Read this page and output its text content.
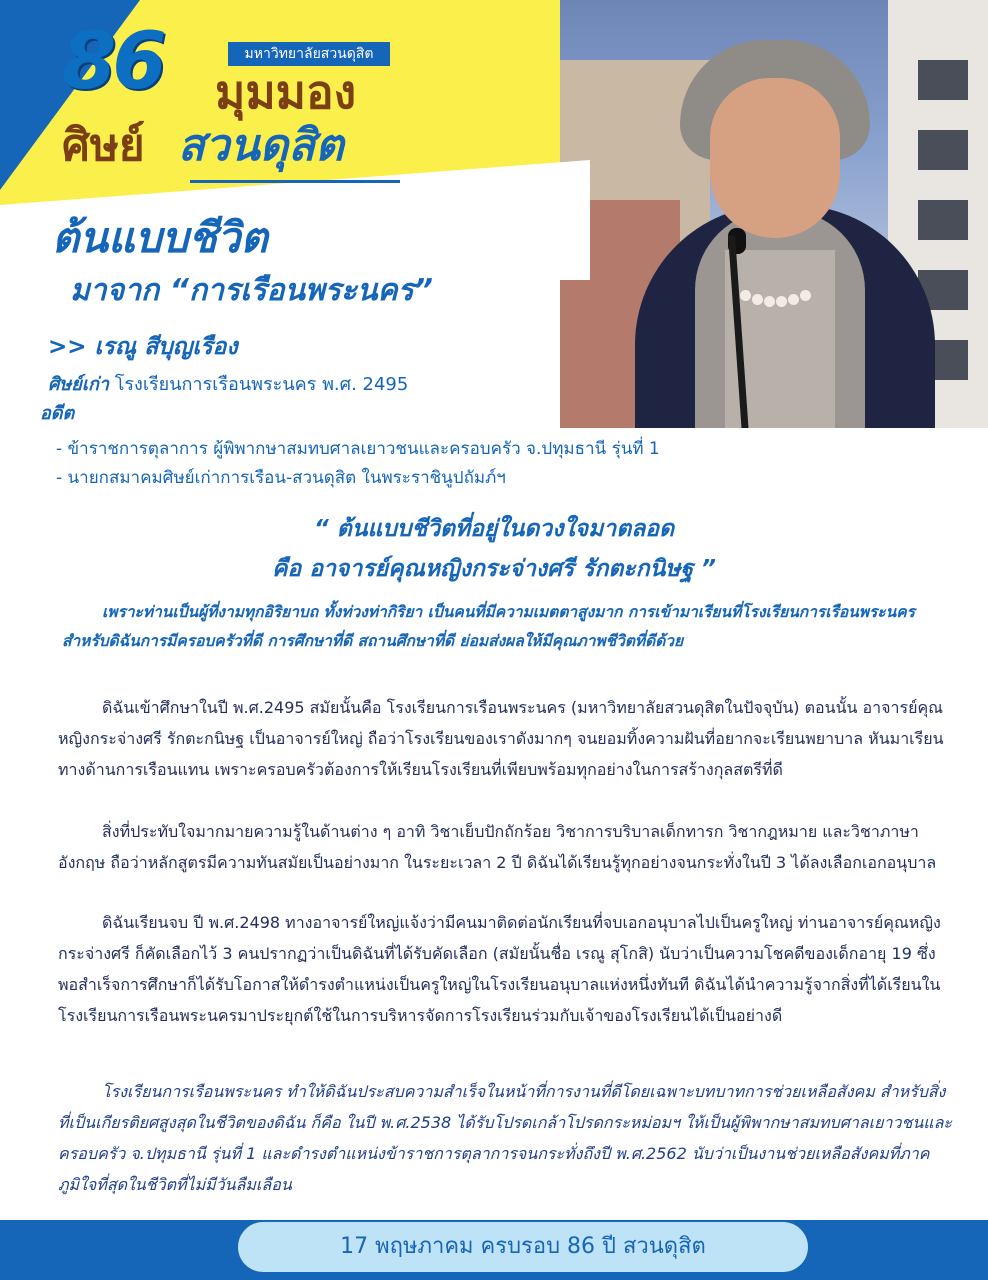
86	มหาวิทยาลัยสวนดุสิต
มุมมอง
ศิษย์ สวนดุสิต
ต้นแบบชีวิต
มาจาก “การเรือนพระนคร”
>> เรณู สีบุญเรือง
ศิษย์เก่า โรงเรียนการเรือนพระนคร พ.ศ. 2495
อดีต
- ข้าราชการตุลาการ ผู้พิพากษาสมทบศาลเยาวชนและครอบครัว จ.ปทุมธานี รุ่นที่ 1
- นายกสมาคมศิษย์เก่าการเรือน-สวนดุสิต ในพระราชินูปถัมภ์ฯ
“ ต้นแบบชีวิตที่อยู่ในดวงใจมาตลอด
คือ อาจารย์คุณหญิงกระจ่างศรี รักตะกนิษฐ ”
เพราะท่านเป็นผู้ที่งามทุกอิริยาบถ ทั้งท่วงท่ากิริยา เป็นคนที่มีความเมตตาสูงมาก การเข้ามาเรียนที่โรงเรียนการเรือนพระนคร สำหรับดิฉันการมีครอบครัวที่ดี การศึกษาที่ดี สถานศึกษาที่ดี ย่อมส่งผลให้มีคุณภาพชีวิตที่ดีด้วย
ดิฉันเข้าศึกษาในปี พ.ศ.2495 สมัยนั้นคือ โรงเรียนการเรือนพระนคร (มหาวิทยาลัยสวนดุสิตในปัจจุบัน) ตอนนั้น อาจารย์คุณหญิงกระจ่างศรี รักตะกนิษฐ เป็นอาจารย์ใหญ่ ถือว่าโรงเรียนของเราดังมากๆ จนยอมทิ้งความฝันที่อยากจะเรียนพยาบาล หันมาเรียนทางด้านการเรือนแทน เพราะครอบครัวต้องการให้เรียนโรงเรียนที่เพียบพร้อมทุกอย่างในการสร้างกุลสตรีที่ดี
สิ่งที่ประทับใจมากมายความรู้ในด้านต่าง ๆ อาทิ วิชาเย็บปักถักร้อย วิชาการบริบาลเด็กทารก วิชากฎหมาย และวิชาภาษาอังกฤษ ถือว่าหลักสูตรมีความทันสมัยเป็นอย่างมาก ในระยะเวลา 2 ปี ดิฉันได้เรียนรู้ทุกอย่างจนกระทั่งในปี 3 ได้ลงเลือกเอกอนุบาล
ดิฉันเรียนจบ ปี พ.ศ.2498 ทางอาจารย์ใหญ่แจ้งว่ามีคนมาติดต่อนักเรียนที่จบเอกอนุบาลไปเป็นครูใหญ่ ท่านอาจารย์คุณหญิงกระจ่างศรี ก็คัดเลือกไว้ 3 คนปรากฏว่าเป็นดิฉันที่ได้รับคัดเลือก (สมัยนั้นชื่อ เรณู สุโกสิ) นับว่าเป็นความโชคดีของเด็กอายุ 19 ซึ่งพอสำเร็จการศึกษาก็ได้รับโอกาสให้ดำรงตำแหน่งเป็นครูใหญ่ในโรงเรียนอนุบาลแห่งหนึ่งทันที ดิฉันได้นำความรู้จากสิ่งที่ได้เรียนในโรงเรียนการเรือนพระนครมาประยุกต์ใช้ในการบริหารจัดการโรงเรียนร่วมกับเจ้าของโรงเรียนได้เป็นอย่างดี
โรงเรียนการเรือนพระนคร ทำให้ดิฉันประสบความสำเร็จในหน้าที่การงานที่ดีโดยเฉพาะบทบาทการช่วยเหลือสังคม สำหรับสิ่งที่เป็นเกียรติยศสูงสุดในชีวิตของดิฉัน ก็คือ ในปี พ.ศ.2538 ได้รับโปรดเกล้าโปรดกระหม่อมฯ ให้เป็นผู้พิพากษาสมทบศาลเยาวชนและครอบครัว จ.ปทุมธานี รุ่นที่ 1 และดำรงตำแหน่งข้าราชการตุลาการจนกระทั่งถึงปี พ.ศ.2562 นับว่าเป็นงานช่วยเหลือสังคมที่ภาคภูมิใจที่สุดในชีวิตที่ไม่มีวันลืมเลือน
17 พฤษภาคม ครบรอบ 86 ปี สวนดุสิต
